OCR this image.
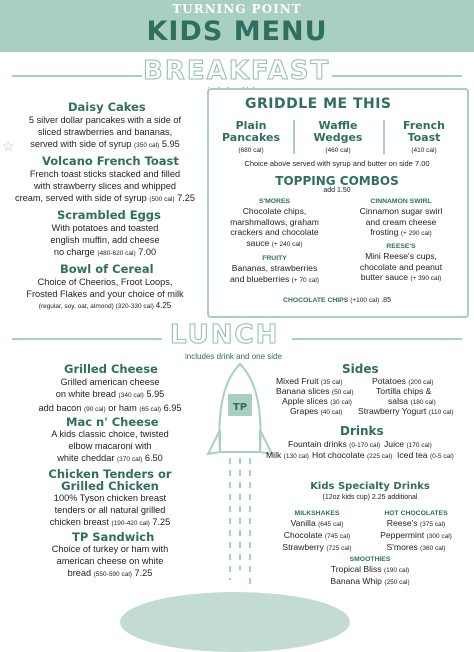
TURNING POINT
KIDS MENU	☆
☆
BREAKFAST
Daisy Cakes
5 silver dollar pancakes with a side of
sliced strawberries and bananas,
served with side of syrup (350 cal) 5.95
Volcano French Toast
French toast sticks stacked and filled
with strawberry slices and whipped
cream, served with side of syrup (500 cal) 7.25
Scrambled Eggs
With potatoes and toasted
english muffin, add cheese
no charge (480-620 cal) 7.00
Bowl of Cereal
Choice of Cheerios, Froot Loops,
Frosted Flakes and your choice of milk
(regular, soy, oat, almond) (320-330 cal) 4.25
GRIDDLE ME THIS
Plain
Pancakes
(680 cal)
Waffle
Wedges
(460 cal)
French
Toast
(410 cal)
Choice above served with syrup and butter on side 7.00
TOPPING COMBOS
add 1.50
S'MORES
Chocolate chips,
marshmallows, graham
crackers and chocolate
sauce (+ 240 cal)
CINNAMON SWIRL
Cinnamon sugar swirl
and cream cheese
frosting (+ 290 cal)
REESE'S
Mini Reese's cups,
chocolate and peanut
butter sauce (+ 390 cal)
FRUITY
Bananas, strawberries
and blueberries (+ 70 cal)
CHOCOLATE CHIPS (+100 cal) .85
LUNCH
includes drink and one side
Grilled Cheese
Grilled american cheese
on white bread (340 cal) 5.95
add bacon (90 cal) or ham (65 cal) 6.95
Mac n' Cheese
A kids classic choice, twisted
elbow macaroni with
white cheddar (370 cal) 6.50
Chicken Tenders or
Grilled Chicken
100% Tyson chicken breast
tenders or all natural grilled
chicken breast (190-420 cal) 7.25
TP Sandwich
Choice of turkey or ham with
american cheese on white
bread (550-590 cal) 7.25
TP
Sides
Mixed Fruit (35 cal)
Banana slices (50 cal)
Apple slices (30 cal)
Grapes (40 cal)
Potatoes (200 cal)
Tortilla chips &
salsa (180 cal)
Strawberry Yogurt (110 cal)
Drinks
Fountain drinks (0-170 cal) Juice (170 cal)
Milk (130 cal) Hot chocolate (225 cal) Iced tea (0-5 cal)
Kids Specialty Drinks
(12oz kids cup) 2.25 additional
MILKSHAKES
Vanilla (645 cal)
Chocolate (745 cal)
Strawberry (725 cal)
HOT CHOCOLATES
Reese's (375 cal)
Peppermint (300 cal)
S'mores (360 cal)
SMOOTHIES
Tropical Bliss (190 cal)
Banana Whip (250 cal)
